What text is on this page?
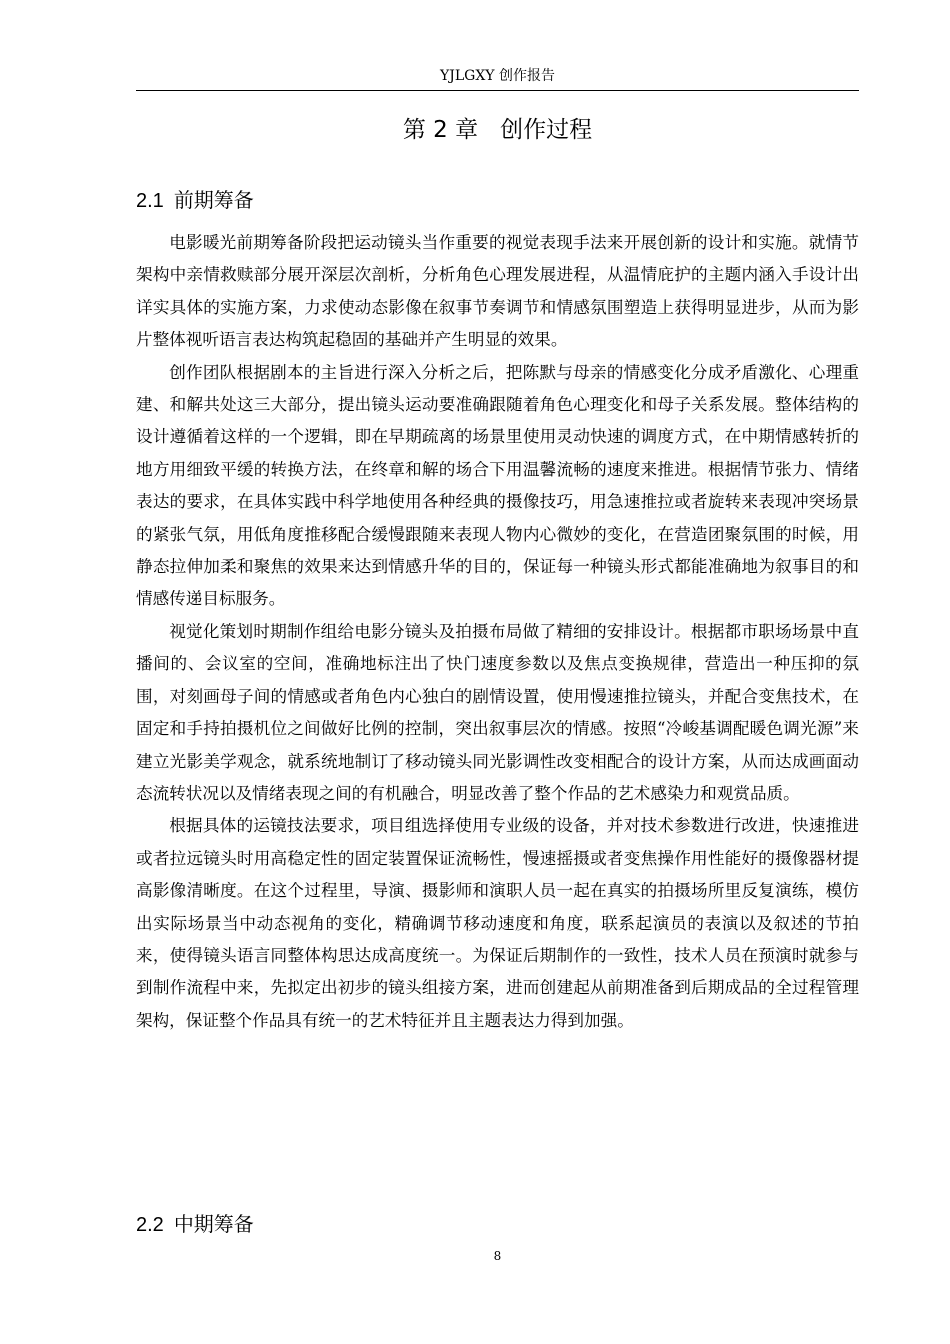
YJLGXY 创作报告
第 2 章 创作过程
2.1 前期筹备

电影暖光前期筹备阶段把运动镜头当作重要的视觉表现手法来开展创新的设计和实施。就情节架构中亲情救赎部分展开深层次剖析，分析角色心理发展进程，从温情庇护的主题内涵入手设计出详实具体的实施方案，力求使动态影像在叙事节奏调节和情感氛围塑造上获得明显进步，从而为影片整体视听语言表达构筑起稳固的基础并产生明显的效果。

创作团队根据剧本的主旨进行深入分析之后，把陈默与母亲的情感变化分成矛盾激化、心理重建、和解共处这三大部分，提出镜头运动要准确跟随着角色心理变化和母子关系发展。整体结构的设计遵循着这样的一个逻辑，即在早期疏离的场景里使用灵动快速的调度方式，在中期情感转折的地方用细致平缓的转换方法，在终章和解的场合下用温馨流畅的速度来推进。根据情节张力、情绪表达的要求，在具体实践中科学地使用各种经典的摄像技巧，用急速推拉或者旋转来表现冲突场景的紧张气氛，用低角度推移配合缓慢跟随来表现人物内心微妙的变化，在营造团聚氛围的时候，用静态拉伸加柔和聚焦的效果来达到情感升华的目的，保证每一种镜头形式都能准确地为叙事目的和情感传递目标服务。

视觉化策划时期制作组给电影分镜头及拍摄布局做了精细的安排设计。根据都市职场场景中直播间的、会议室的空间，准确地标注出了快门速度参数以及焦点变换规律，营造出一种压抑的氛围，对刻画母子间的情感或者角色内心独白的剧情设置，使用慢速推拉镜头，并配合变焦技术，在固定和手持拍摄机位之间做好比例的控制，突出叙事层次的情感。按照“冷峻基调配暖色调光源”来建立光影美学观念，就系统地制订了移动镜头同光影调性改变相配合的设计方案，从而达成画面动态流转状况以及情绪表现之间的有机融合，明显改善了整个作品的艺术感染力和观赏品质。

根据具体的运镜技法要求，项目组选择使用专业级的设备，并对技术参数进行改进，快速推进或者拉远镜头时用高稳定性的固定装置保证流畅性，慢速摇摄或者变焦操作用性能好的摄像器材提高影像清晰度。在这个过程里，导演、摄影师和演职人员一起在真实的拍摄场所里反复演练，模仿出实际场景当中动态视角的变化，精确调节移动速度和角度，联系起演员的表演以及叙述的节拍来，使得镜头语言同整体构思达成高度统一。为保证后期制作的一致性，技术人员在预演时就参与到制作流程中来，先拟定出初步的镜头组接方案，进而创建起从前期准备到后期成品的全过程管理架构，保证整个作品具有统一的艺术特征并且主题表达力得到加强。

2.2 中期筹备
8
